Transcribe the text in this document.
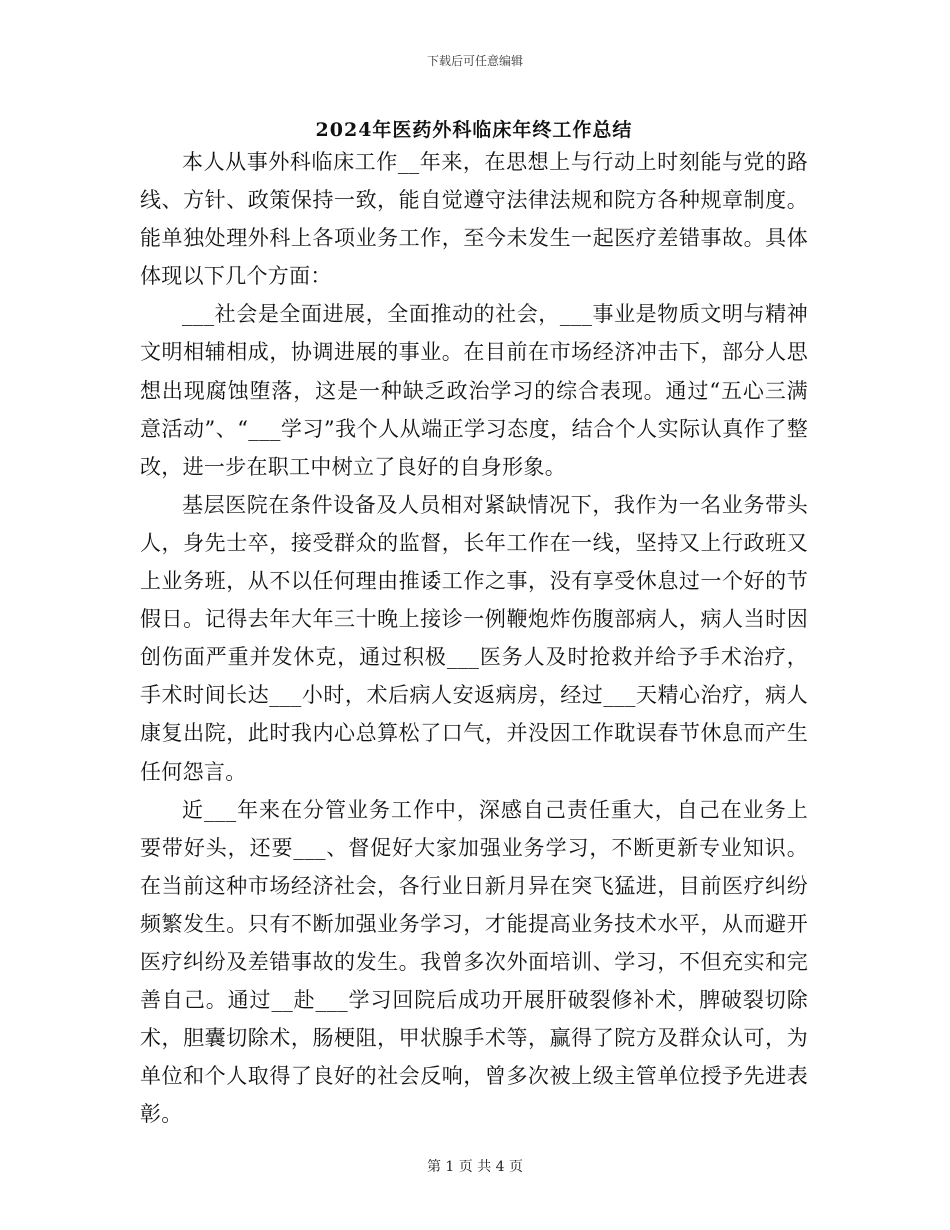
下载后可任意编辑
2024年医药外科临床年终工作总结

本人从事外科临床工作__年来，在思想上与行动上时刻能与党的路线、方针、政策保持一致，能自觉遵守法律法规和院方各种规章制度。能单独处理外科上各项业务工作，至今未发生一起医疗差错事故。具体体现以下几个方面：

___社会是全面进展，全面推动的社会，___事业是物质文明与精神文明相辅相成，协调进展的事业。在目前在市场经济冲击下，部分人思想出现腐蚀堕落，这是一种缺乏政治学习的综合表现。通过“五心三满意活动”、“___学习”我个人从端正学习态度，结合个人实际认真作了整改，进一步在职工中树立了良好的自身形象。

基层医院在条件设备及人员相对紧缺情况下，我作为一名业务带头人，身先士卒，接受群众的监督，长年工作在一线，坚持又上行政班又上业务班，从不以任何理由推诿工作之事，没有享受休息过一个好的节假日。记得去年大年三十晚上接诊一例鞭炮炸伤腹部病人，病人当时因创伤面严重并发休克，通过积极___医务人及时抢救并给予手术治疗，手术时间长达___小时，术后病人安返病房，经过___天精心治疗，病人康复出院，此时我内心总算松了口气，并没因工作耽误春节休息而产生任何怨言。

近___年来在分管业务工作中，深感自己责任重大，自己在业务上要带好头，还要___、督促好大家加强业务学习，不断更新专业知识。在当前这种市场经济社会，各行业日新月异在突飞猛进，目前医疗纠纷频繁发生。只有不断加强业务学习，才能提高业务技术水平，从而避开医疗纠纷及差错事故的发生。我曾多次外面培训、学习，不但充实和完善自己。通过__赴___学习回院后成功开展肝破裂修补术，脾破裂切除术，胆囊切除术，肠梗阻，甲状腺手术等，赢得了院方及群众认可，为单位和个人取得了良好的社会反响，曾多次被上级主管单位授予先进表彰。

第 1 页 共 4 页
